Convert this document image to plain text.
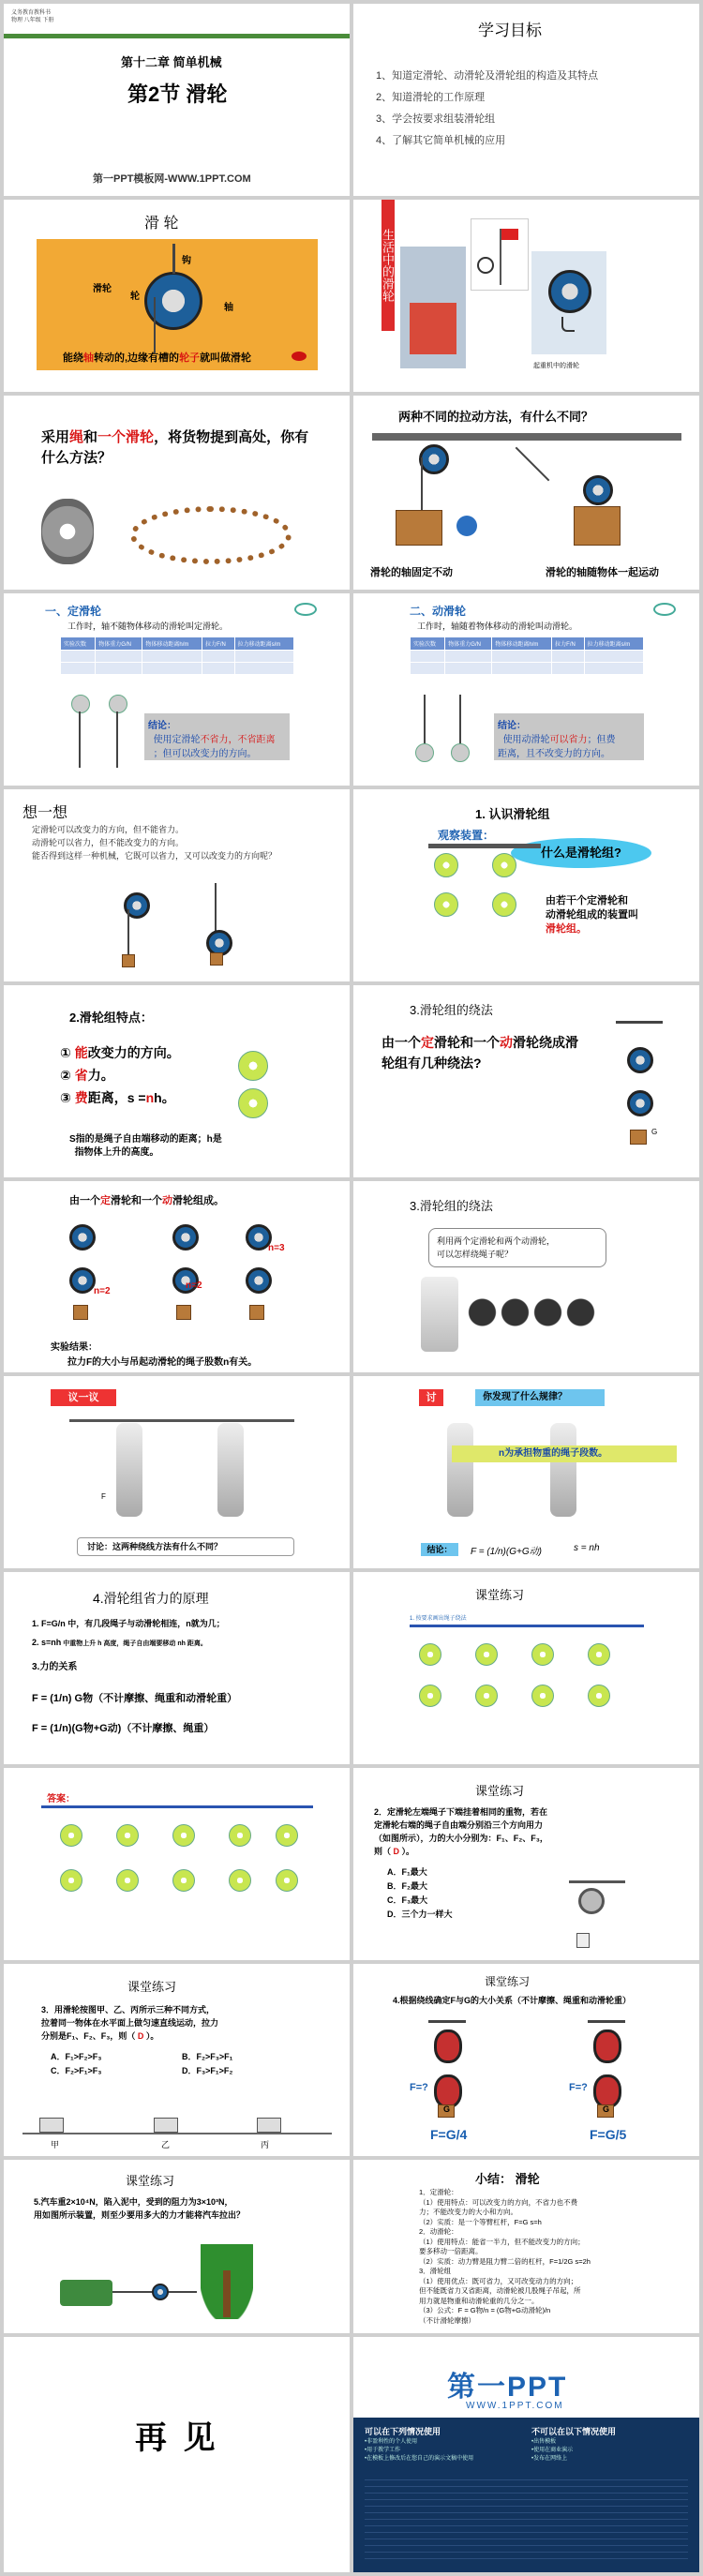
义务教育教科书
物理 八年级 下册
第十二章 简单机械
第2节 滑轮
第一PPT模板网-WWW.1PPT.COM
学习目标
1、知道定滑轮、动滑轮及滑轮组的构造及其特点
2、知道滑轮的工作原理
3、学会按要求组装滑轮组
4、了解其它简单机械的应用
滑 轮
钩
滑轮
轮
轴
能绕轴转动的,边缘有槽的轮子就叫做滑轮
生活中的滑轮
起重机中的滑轮
采用绳和一个滑轮，将货物提到高处，你有什么方法？
两种不同的拉动方法，有什么不同？
滑轮的轴固定不动	滑轮的轴随物体一起运动
一、定滑轮
工作时，轴不随物体移动的滑轮叫定滑轮。
实验次数	物体重力G/N	物体移动距离h/m	拉力F/N	拉力移动距离s/m

结论：
使用定滑轮不省力，不省距离
；但可以改变力的方向。
二、动滑轮
工作时，轴随着物体移动的滑轮叫动滑轮。
实验次数	物体重力G/N	物体移动距离h/m	拉力F/N	拉力移动距离s/m

结论：
使用动滑轮可以省力；但费
距离，且不改变力的方向。
想一想
定滑轮可以改变力的方向，但不能省力。
动滑轮可以省力，但不能改变力的方向。
能否得到这样一种机械，它既可以省力，又可以改变力的方向呢？
1. 认识滑轮组
观察装置：
什么是滑轮组?
由若干个定滑轮和
动滑轮组成的装置叫
滑轮组。
2.滑轮组特点：
① 能改变力的方向。
② 省力。
③ 费距离，s =nh。
S指的是绳子自由端移动的距离；h是
指物体上升的高度。
3.滑轮组的绕法
由一个定滑轮和一个动滑轮绕成滑轮组有几种绕法?
G
由一个定滑轮和一个动滑轮组成。
n=2
n=2
n=3
实验结果：
拉力F的大小与吊起动滑轮的绳子股数n有关。
3.滑轮组的绕法
利用两个定滑轮和两个动滑轮，
可以怎样绕绳子呢？
议一议
F
讨论：这两种绕线方法有什么不同？
讨	你发现了什么规律？
n为承担物重的绳子段数。
结论：	F = (1/n)(G+G动)	s = nh
4.滑轮组省力的原理
1. F=G/n 中，有几段绳子与动滑轮相连，n就为几；
2. s=nh 中重物上升 h 高度，绳子自由端要移动 nh 距离。
3.力的关系
F = (1/n) G物（不计摩擦、绳重和动滑轮重）
F = (1/n)(G物+G动)（不计摩擦、绳重）
课堂练习
1. 按要求画出绳子绕法
答案：
课堂练习
2．定滑轮左端绳子下端挂着相同的重物，若在
定滑轮右端的绳子自由端分别沿三个方向用力
（如图所示），力的大小分别为：F₁、F₂、F₃，
则（ D ）。
A．F₁最大
B．F₂最大
C．F₃最大
D．三个力一样大
课堂练习
3．用滑轮按图甲、乙、丙所示三种不同方式，
拉着同一物体在水平面上做匀速直线运动，拉力
分别是F₁、F₂、F₃，则（ D ）。
A．F₁>F₂>F₃
C．F₂>F₁>F₃
B．F₂>F₃>F₁
D．F₃>F₁>F₂
甲	乙	丙
课堂练习
4.根据绕线确定F与G的大小关系（不计摩擦、绳重和动滑轮重）
F=?
G
F=G/4
F=?
G
F=G/5
课堂练习
5.汽车重2×10⁴N，陷入泥中，受到的阻力为3×10³N，
用如图所示装置，则至少要用多大的力才能将汽车拉出？
小结： 滑轮
1．定滑轮：
（1）使用特点：可以改变力的方向，不省力也不费
力；不能改变力的大小和方向。
（2）实质：是一个等臂杠杆，F=G s=h
2．动滑轮：
（1）使用特点：能省一半力，但不能改变力的方向；
要多移动一倍距离。
（2）实质：动力臂是阻力臂二倍的杠杆，F=1/2G s=2h
3．滑轮组
（1）使用优点：既可省力，又可改变动力的方向；
但不能既省力又省距离，动滑轮被几股绳子吊起，所
用力就是物重和动滑轮重的几分之一。
（3）公式：F = G物/n = (G物+G动滑轮)/n
（不计滑轮摩擦）
再 见
第一PPT
WWW.1PPT.COM
可以在下列情况使用
•非盈利性的个人使用
•用于教学工作
•在模板上修改后在您自己的演示文稿中使用
不可以在以下情况使用
•出售模板
•使用在商业演示
•发布在网络上
